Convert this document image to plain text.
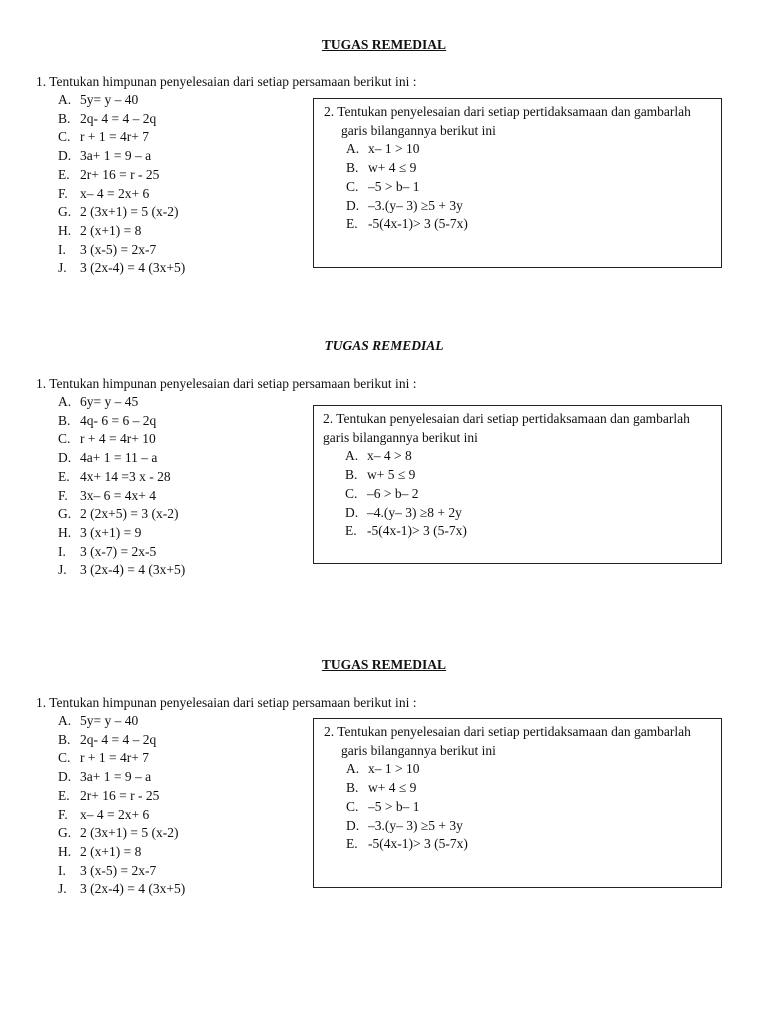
TUGAS REMEDIAL
1. Tentukan himpunan penyelesaian dari setiap persamaan berikut ini :
A. 5y= y – 40
B. 2q- 4 = 4 – 2q
C. r + 1 = 4r+ 7
D. 3a+ 1 = 9 – a
E. 2r+ 16 = r - 25
F. x– 4 = 2x+ 6
G. 2 (3x+1) = 5 (x-2)
H. 2 (x+1) = 8
I.	3 (x-5) = 2x-7
J. 3 (2x-4) = 4 (3x+5)
2. Tentukan penyelesaian dari setiap pertidaksamaan dan gambarlah garis bilangannya berikut ini
A. x– 1 > 10
B. w+ 4 ≤ 9
C. –5 > b– 1
D. –3.(y– 3) ≥5 + 3y
E. -5(4x-1)> 3 (5-7x)
TUGAS REMEDIAL
1. Tentukan himpunan penyelesaian dari setiap persamaan berikut ini :
A. 6y= y – 45
B. 4q- 6 = 6 – 2q
C. r + 4 = 4r+ 10
D. 4a+ 1 = 11 – a
E. 4x+ 14 =3 x - 28
F. 3x– 6 = 4x+ 4
G. 2 (2x+5) = 3 (x-2)
H. 3 (x+1) = 9
I.	3 (x-7) = 2x-5
J. 3 (2x-4) = 4 (3x+5)
2. Tentukan penyelesaian dari setiap pertidaksamaan dan gambarlah garis bilangannya berikut ini
A. x– 4 > 8
B. w+ 5 ≤ 9
C. –6 > b– 2
D. –4.(y– 3) ≥8 + 2y
E. -5(4x-1)> 3 (5-7x)
TUGAS REMEDIAL
1. Tentukan himpunan penyelesaian dari setiap persamaan berikut ini :
A. 5y= y – 40
B. 2q- 4 = 4 – 2q
C. r + 1 = 4r+ 7
D. 3a+ 1 = 9 – a
E. 2r+ 16 = r - 25
F. x– 4 = 2x+ 6
G. 2 (3x+1) = 5 (x-2)
H. 2 (x+1) = 8
I.	3 (x-5) = 2x-7
J. 3 (2x-4) = 4 (3x+5)
2. Tentukan penyelesaian dari setiap pertidaksamaan dan gambarlah garis bilangannya berikut ini
A. x– 1 > 10
B. w+ 4 ≤ 9
C. –5 > b– 1
D. –3.(y– 3) ≥5 + 3y
E. -5(4x-1)> 3 (5-7x)
